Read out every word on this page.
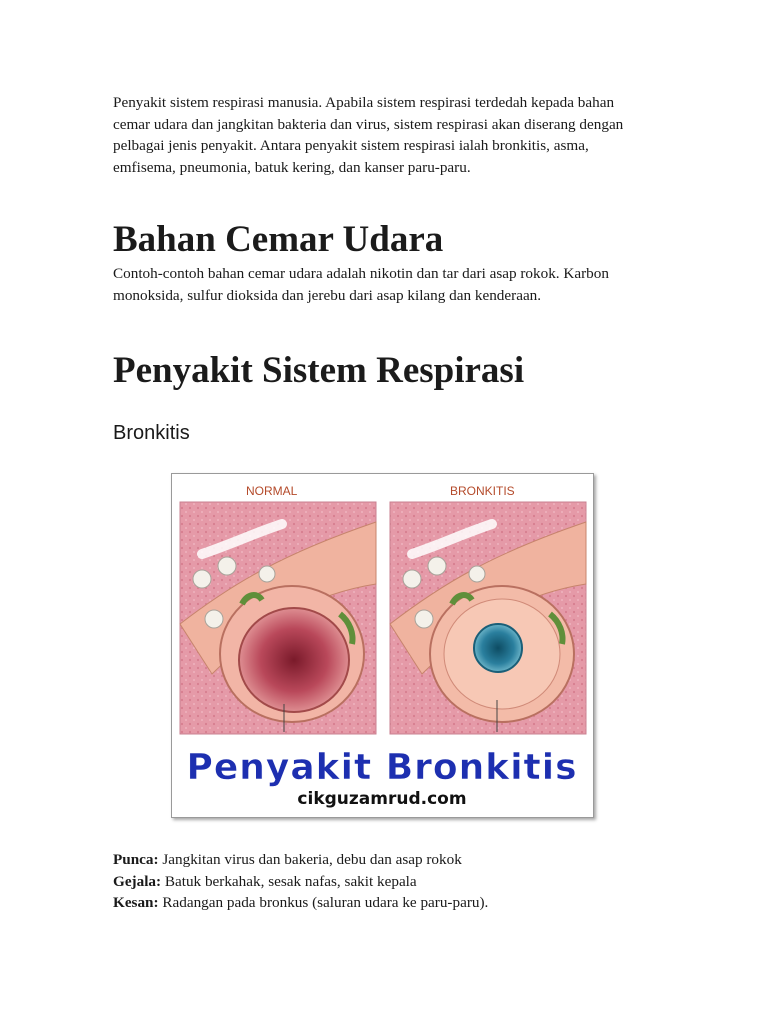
Penyakit sistem respirasi manusia. Apabila sistem respirasi terdedah kepada bahan cemar udara dan jangkitan bakteria dan virus, sistem respirasi akan diserang dengan pelbagai jenis penyakit. Antara penyakit sistem respirasi ialah bronkitis, asma, emfisema, pneumonia, batuk kering, dan kanser paru-paru.

Bahan Cemar Udara

Contoh-contoh bahan cemar udara adalah nikotin dan tar dari asap rokok. Karbon monoksida, sulfur dioksida dan jerebu dari asap kilang dan kenderaan.

Penyakit Sistem Respirasi
Bronkitis
NORMAL	BRONKITIS
Penyakit Bronkitis
cikguzamrud.com
Punca: Jangkitan virus dan bakeria, debu dan asap rokok
Gejala: Batuk berkahak, sesak nafas, sakit kepala
Kesan: Radangan pada bronkus (saluran udara ke paru-paru).
